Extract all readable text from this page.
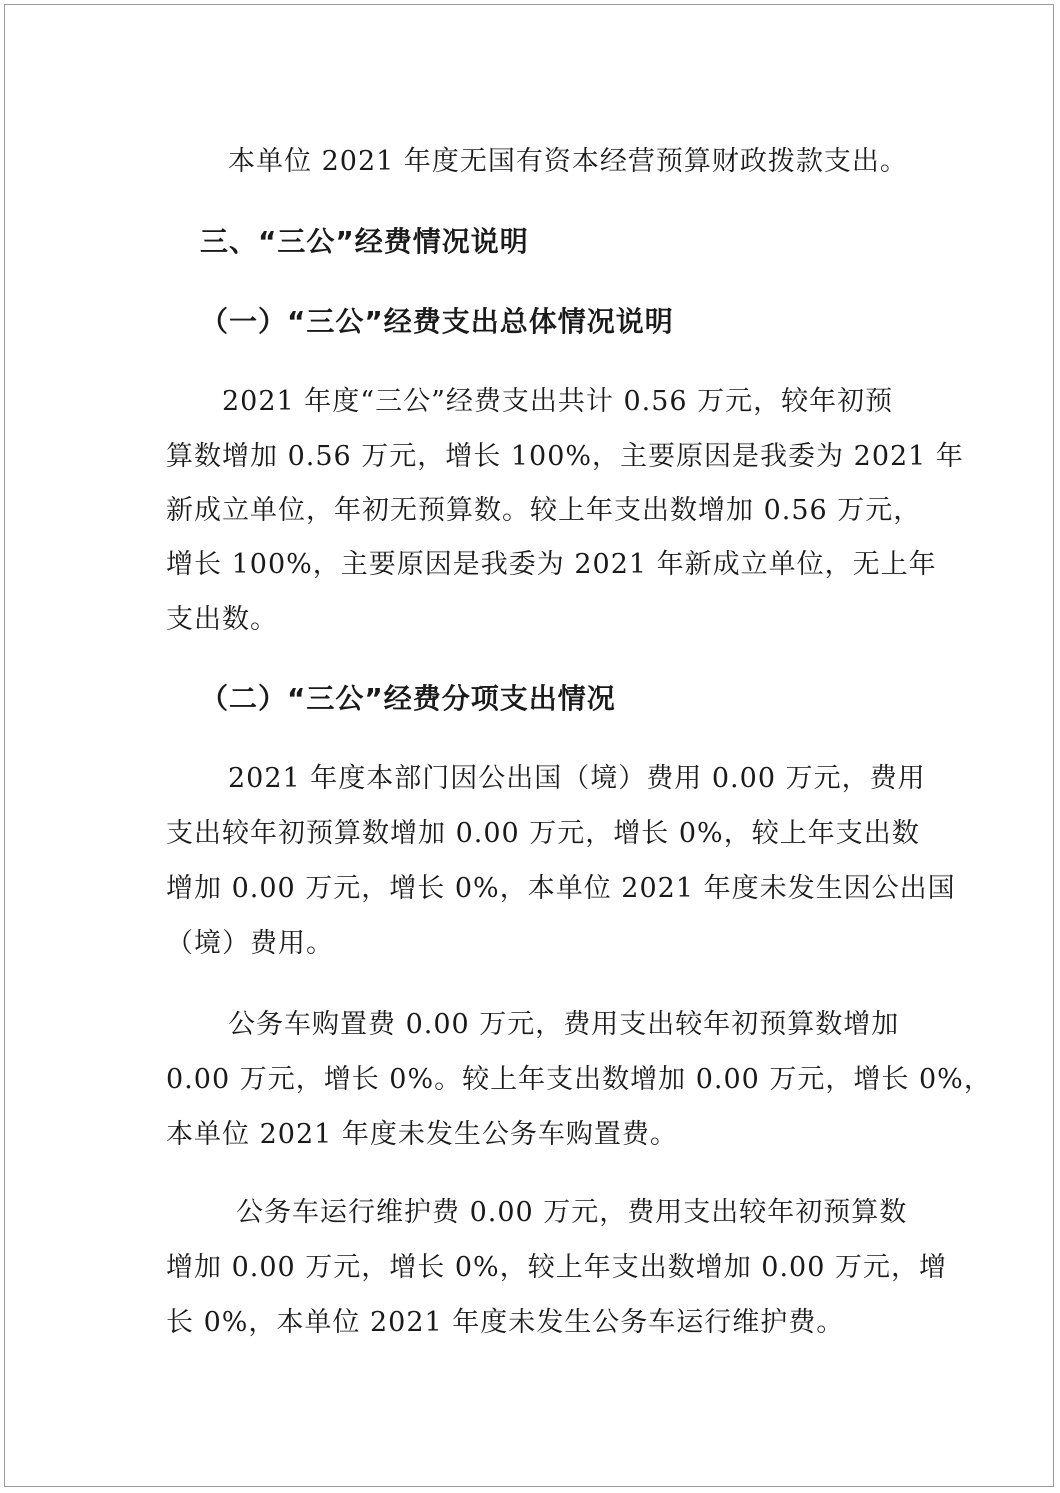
本单位 2021 年度无国有资本经营预算财政拨款支出。
三、“三公”经费情况说明
（一）“三公”经费支出总体情况说明
2021 年度“三公”经费支出共计 0.56 万元，较年初预
算数增加 0.56 万元，增长 100%，主要原因是我委为 2021 年
新成立单位，年初无预算数。较上年支出数增加 0.56 万元，
增长 100%，主要原因是我委为 2021 年新成立单位，无上年
支出数。
（二）“三公”经费分项支出情况
2021 年度本部门因公出国（境）费用 0.00 万元，费用
支出较年初预算数增加 0.00 万元，增长 0%，较上年支出数
增加 0.00 万元，增长 0%，本单位 2021 年度未发生因公出国
（境）费用。
公务车购置费 0.00 万元，费用支出较年初预算数增加
0.00 万元，增长 0%。较上年支出数增加 0.00 万元，增长 0%，
本单位 2021 年度未发生公务车购置费。
公务车运行维护费 0.00 万元，费用支出较年初预算数
增加 0.00 万元，增长 0%，较上年支出数增加 0.00 万元，增
长 0%，本单位 2021 年度未发生公务车运行维护费。
